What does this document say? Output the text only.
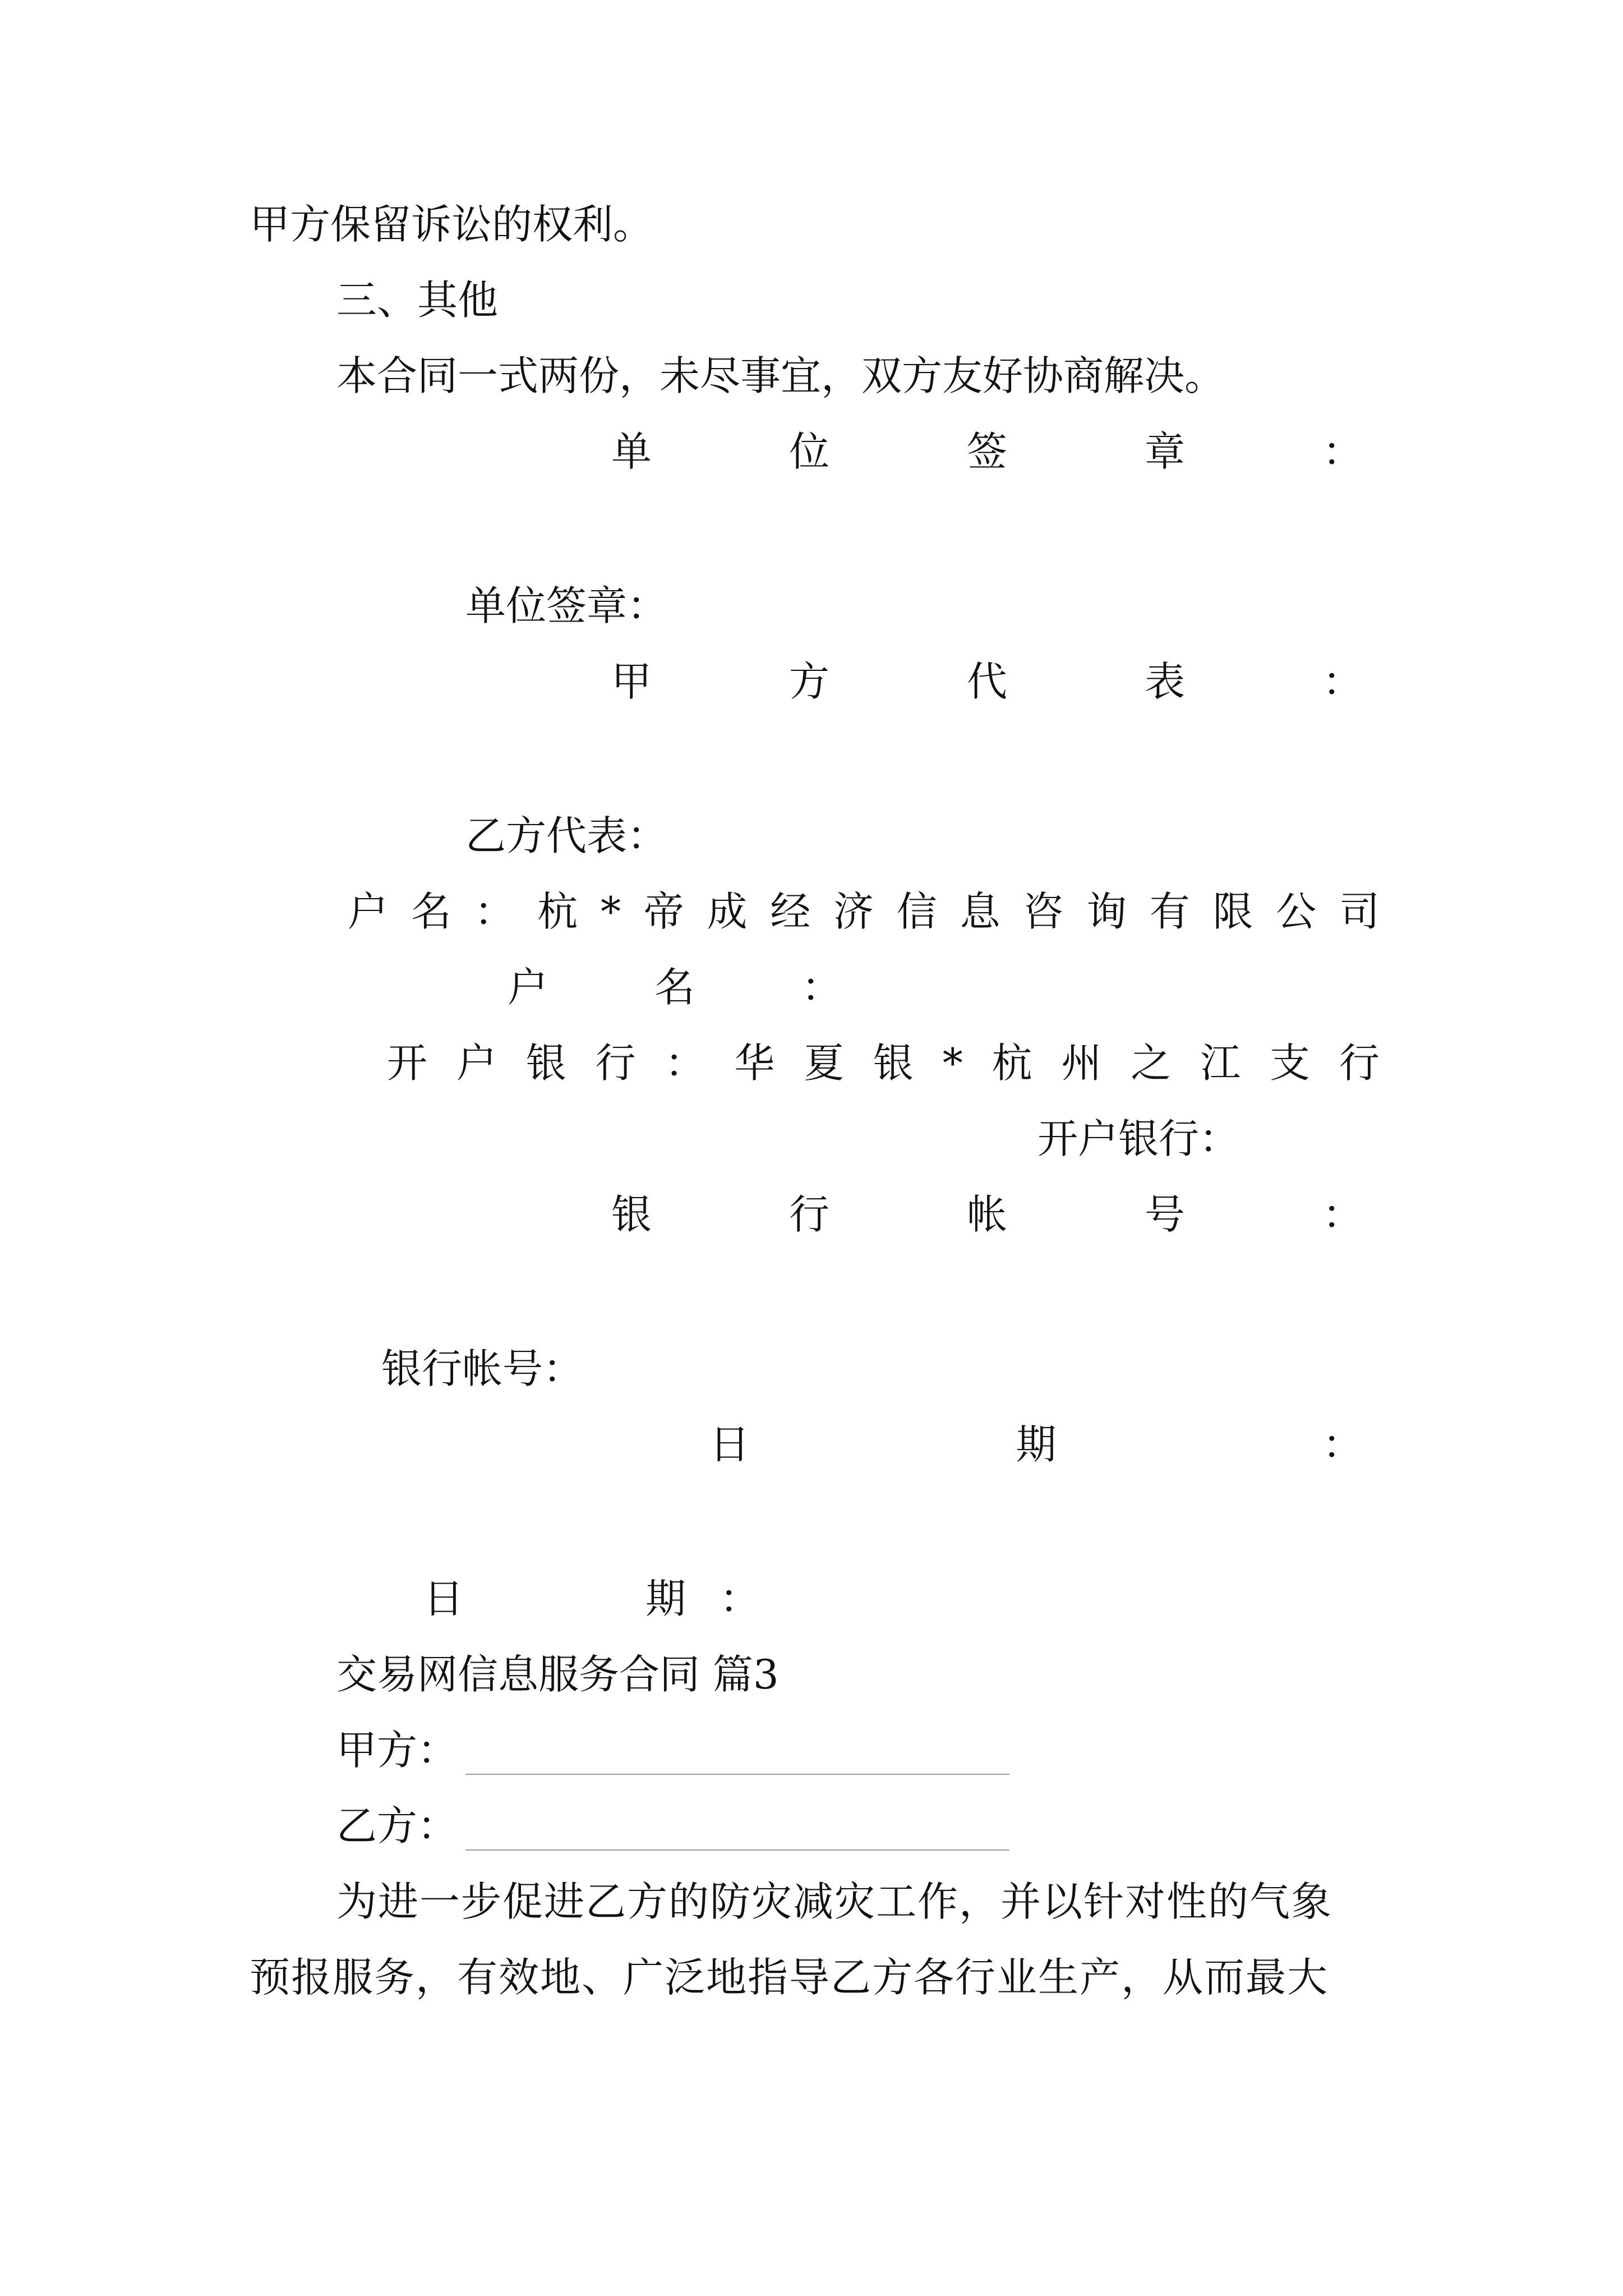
甲方保留诉讼的权利。
三、其他
本合同一式两份，未尽事宜，双方友好协商解决。
单	位	签	章	：
单位签章：
甲	方	代	表	：
乙方代表：
户 名 ： 杭 * 帝 成 经 济 信 息 咨 询 有 限 公 司
户名：
开 户 银 行 ： 华 夏 银 * 杭 州 之 江 支 行
开户银行：
银	行	帐	号	：
银行帐号：
日	期	：
日　　期：
交易网信息服务合同 篇3
甲方：
乙方：
为进一步促进乙方的防灾减灾工作，并以针对性的气象
预报服务，有效地、广泛地指导乙方各行业生产，从而最大
